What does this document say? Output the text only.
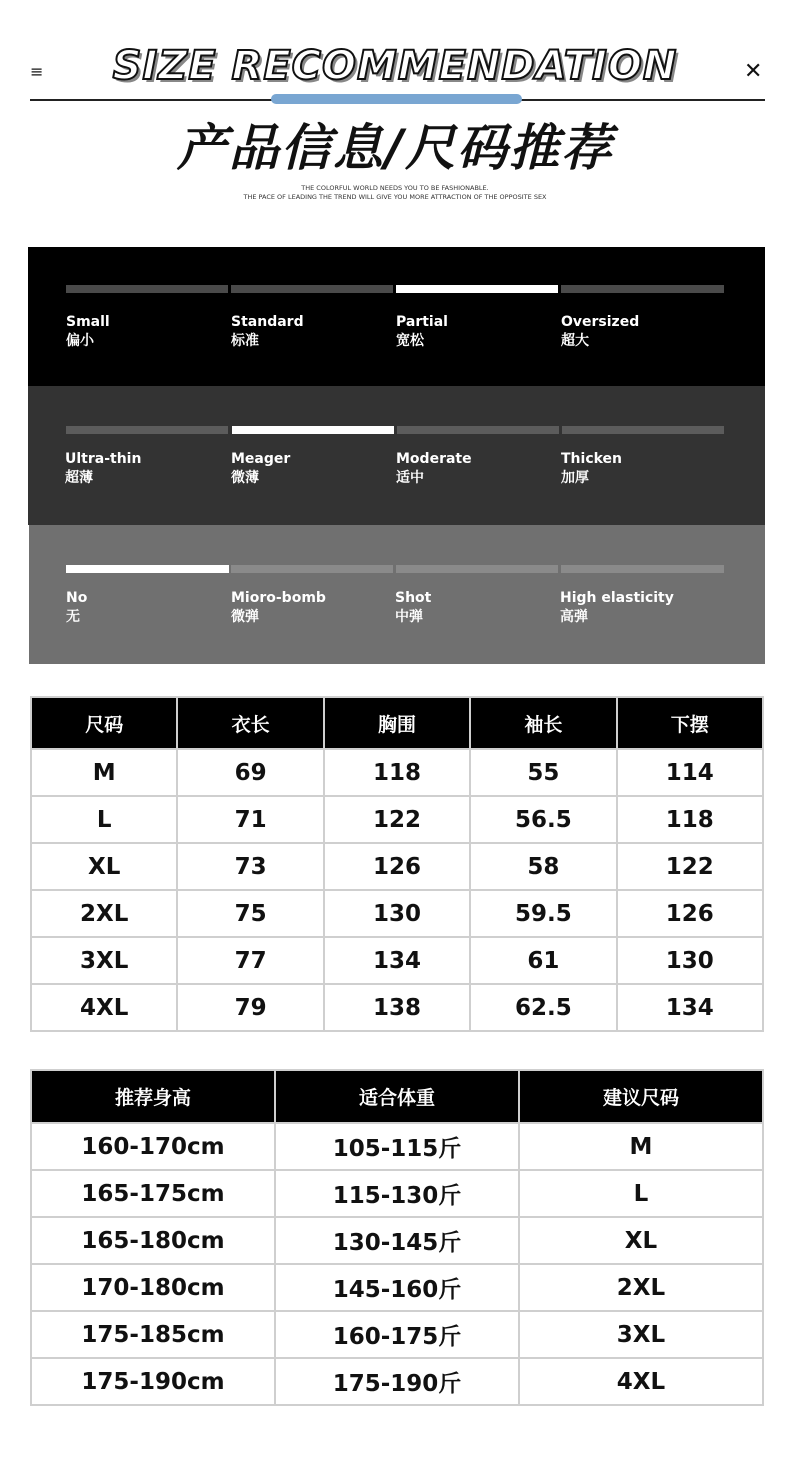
≡	SIZE RECOMMENDATION	✕
产品信息/尺码推荐
THE COLORFUL WORLD NEEDS YOU TO BE FASHIONABLE.
THE PACE OF LEADING THE TREND WILL GIVE YOU MORE ATTRACTION OF THE OPPOSITE SEX
Small
偏小
Standard
标准
Partial
宽松
Oversized
超大
Ultra-thin
超薄
Meager
微薄
Moderate
适中
Thicken
加厚
No
无
Mioro-bomb
微弹
Shot
中弹
High elasticity
高弹
尺码	衣长	胸围	袖长	下摆
M	69	118	55	114
L	71	122	56.5	118
XL	73	126	58	122
2XL	75	130	59.5	126
3XL	77	134	61	130
4XL	79	138	62.5	134
推荐身高	适合体重	建议尺码
160-170cm	105-115斤	M
165-175cm	115-130斤	L
165-180cm	130-145斤	XL
170-180cm	145-160斤	2XL
175-185cm	160-175斤	3XL
175-190cm	175-190斤	4XL
